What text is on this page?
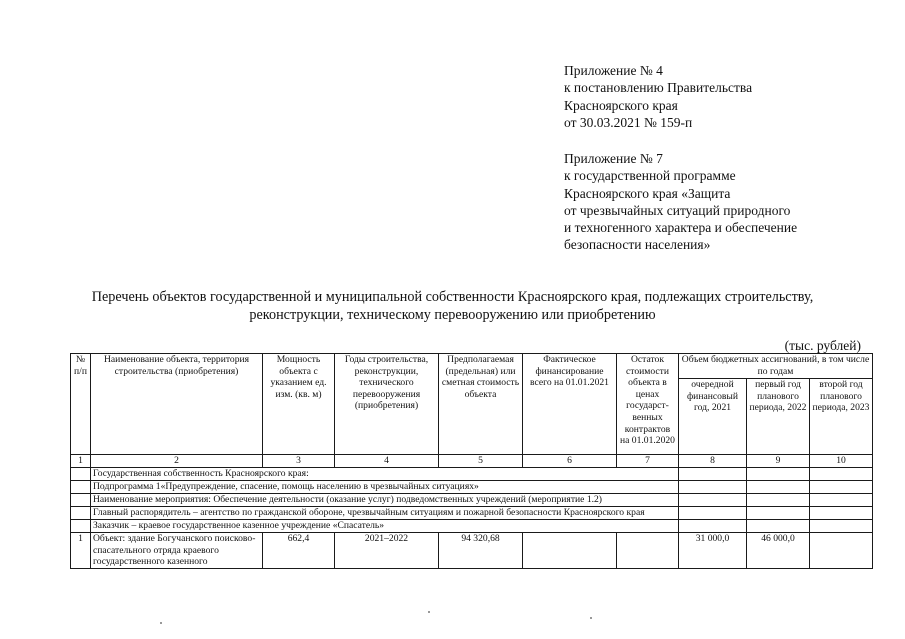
Приложение № 4
к постановлению Правительства
Красноярского края
от 30.03.2021 № 159-п
Приложение № 7
к государственной программе
Красноярского края «Защита
от чрезвычайных ситуаций природного
и техногенного характера и обеспечение
безопасности населения»
Перечень объектов государственной и муниципальной собственности Красноярского края, подлежащих строительству,
реконструкции, техническому перевооружению или приобретению
(тыс. рублей)
№ п/п	Наименование объекта, территория строительства (приобретения)	Мощность объекта с указанием ед. изм. (кв. м)	Годы строительства, реконструкции, технического перевооружения (приобретения)	Предполагаемая (предельная) или сметная стоимость объекта	Фактическое финансирование всего на 01.01.2021	Остаток стоимости объекта в ценах государст-венных контрактов на 01.01.2020	Объем бюджетных ассигнований, в том числе по годам		
							очередной финансовый год, 2021	первый год планового периода, 2022	второй год планового периода, 2023
1	2	3	4	5	6	7	8	9	10
	Государственная собственность Красноярского края:								
	Подпрограмма 1«Предупреждение, спасение, помощь населению в чрезвычайных ситуациях»								
	Наименование мероприятия: Обеспечение деятельности (оказание услуг) подведомственных учреждений (мероприятие 1.2)								
	Главный распорядитель – агентство по гражданской обороне, чрезвычайным ситуациям и пожарной безопасности Красноярского края								
	Заказчик – краевое государственное казенное учреждение «Спасатель»								
1	Объект: здание Богучанского поисково-спасательного отряда краевого государственного казенного	662,4	2021–2022	94 320,68			31 000,0	46 000,0	
